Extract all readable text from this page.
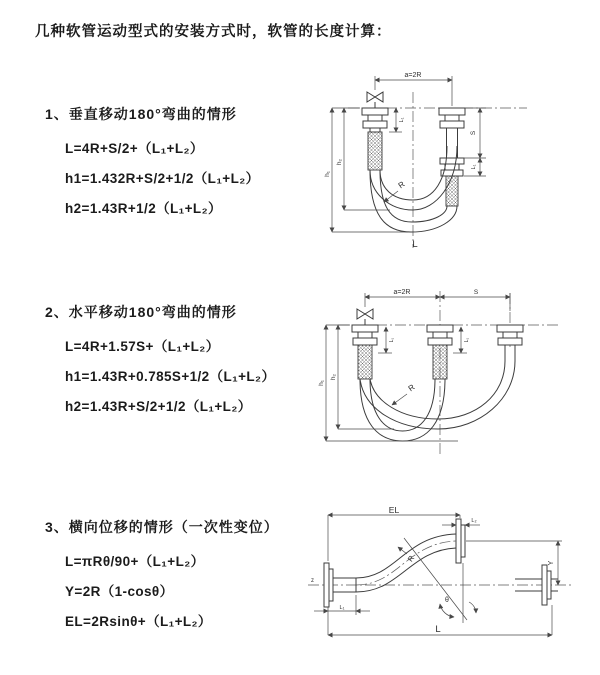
几种软管运动型式的安装方式时，软管的长度计算：
1、垂直移动180°弯曲的情形
L=4R+S/2+（L₁+L₂）
h1=1.432R+S/2+1/2（L₁+L₂）
h2=1.43R+1/2（L₁+L₂）
a=2R
h₁
h₂
L₁
S
L₁
R
L
2、水平移动180°弯曲的情形
L=4R+1.57S+（L₁+L₂）
h1=1.43R+0.785S+1/2（L₁+L₂）
h2=1.43R+S/2+1/2（L₁+L₂）
a=2R	S
h₁
h₂
L₁	L₁
R
3、横向位移的情形（一次性变位）
L=πRθ/90+（L₁+L₂）
Y=2R（1-cosθ）
EL=2Rsinθ+（L₁+L₂）
z
θ
R
EL
L₂
Y
L₁
L
